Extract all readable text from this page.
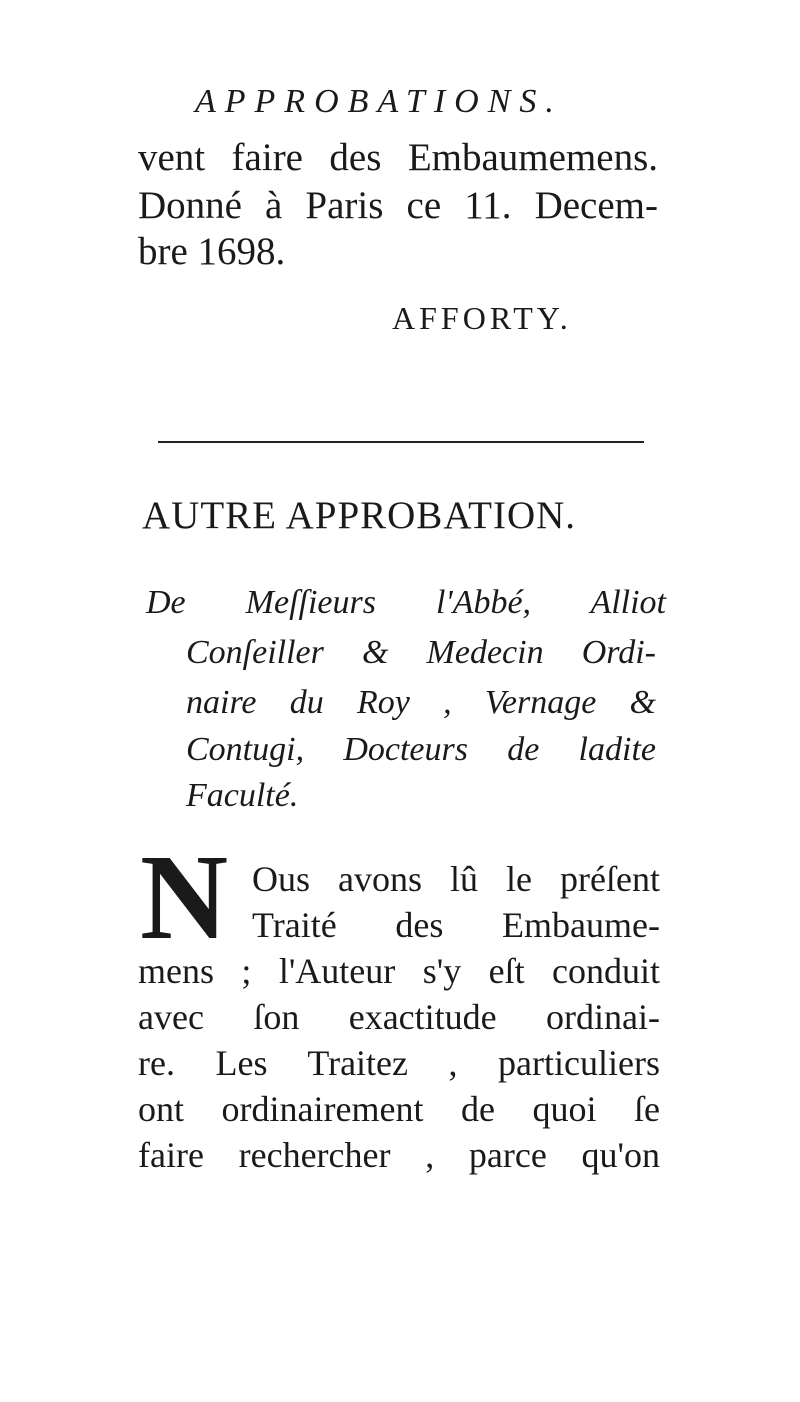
APPROBATIONS.
vent faire des Embaumemens.
Donné à Paris ce 11. Decem-
bre 1698.
AFFORTY.
AUTRE APPROBATION.
De Meſſieurs l'Abbé, Alliot
Conſeiller & Medecin Ordi-
naire du Roy , Vernage &
Contugi, Docteurs de ladite
Faculté.
N Ous avons lû le préſent
Traité des Embaume-
mens ; l'Auteur s'y eſt conduit
avec ſon exactitude ordinai-
re. Les Traitez , particuliers
ont ordinairement de quoi ſe
faire rechercher , parce qu'on
